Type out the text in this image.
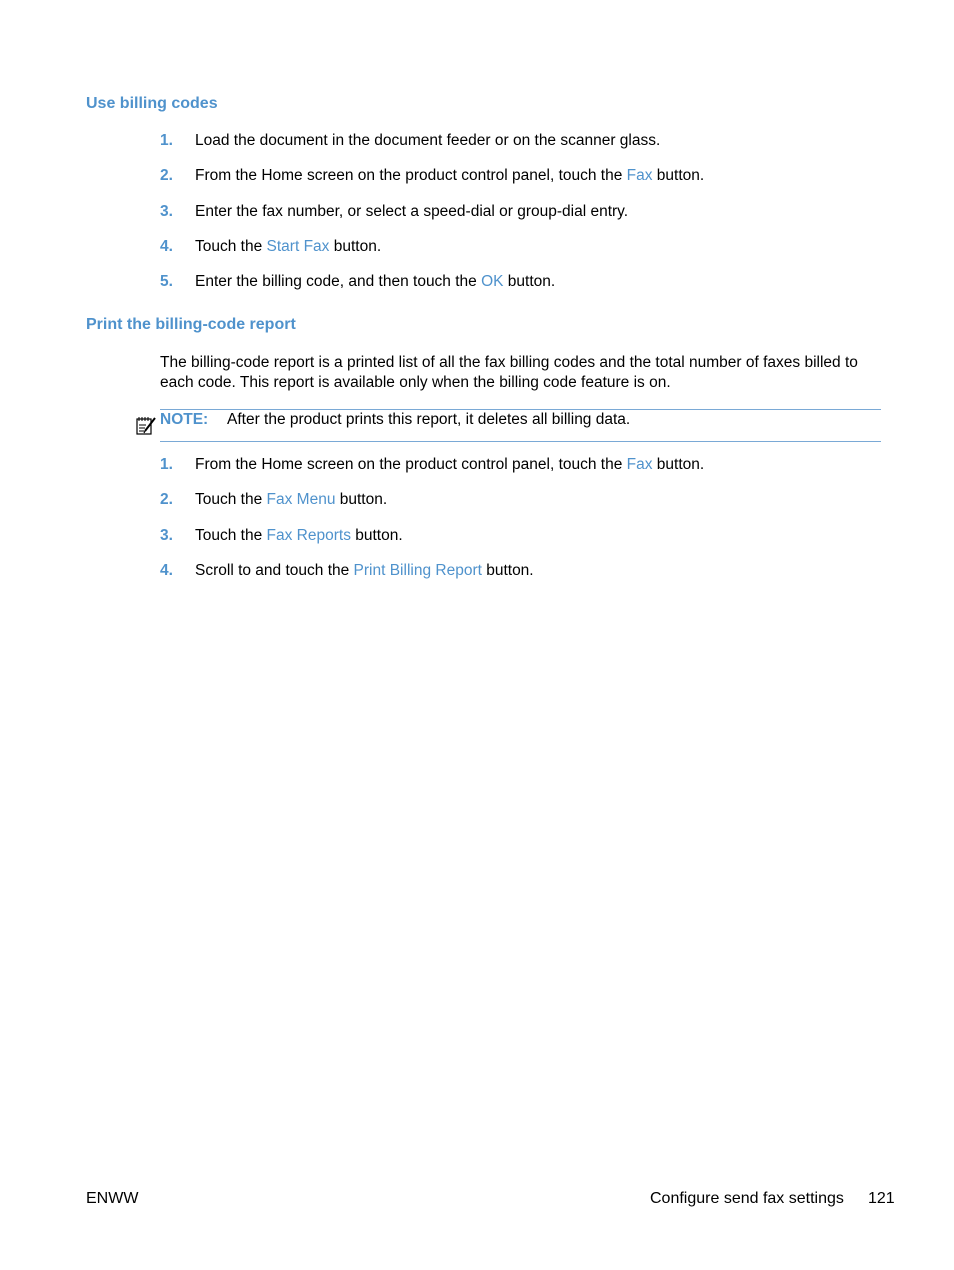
Use billing codes
1. Load the document in the document feeder or on the scanner glass.
2. From the Home screen on the product control panel, touch the Fax button.
3. Enter the fax number, or select a speed-dial or group-dial entry.
4. Touch the Start Fax button.
5. Enter the billing code, and then touch the OK button.
Print the billing-code report

The billing-code report is a printed list of all the fax billing codes and the total number of faxes billed to each code. This report is available only when the billing code feature is on.

NOTE: After the product prints this report, it deletes all billing data.
1. From the Home screen on the product control panel, touch the Fax button.
2. Touch the Fax Menu button.
3. Touch the Fax Reports button.
4. Scroll to and touch the Print Billing Report button.
ENWW	Configure send fax settings 121
